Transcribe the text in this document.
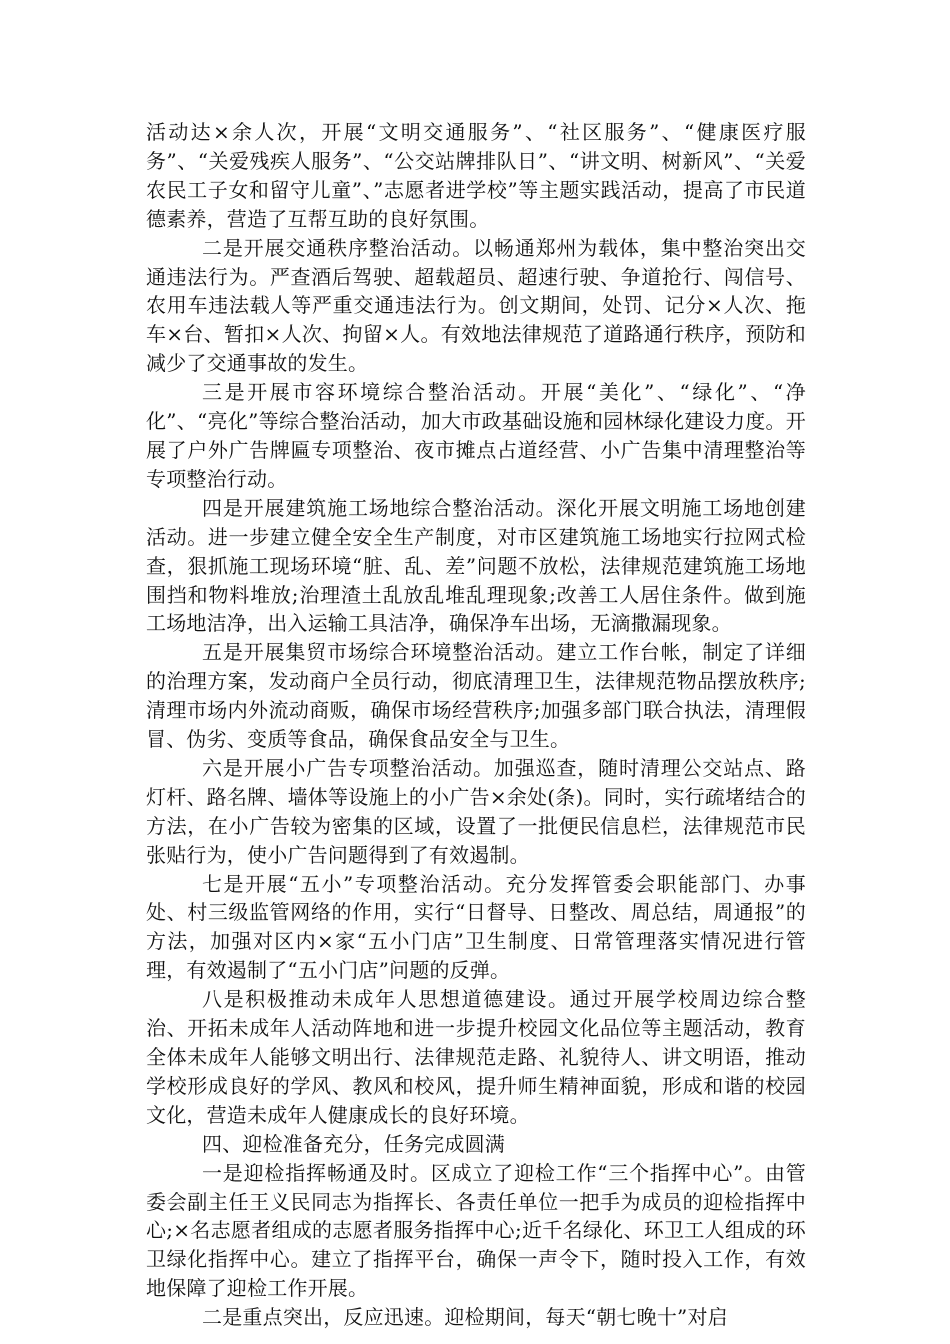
活动达×余人次，开展“文明交通服务”、“社区服务”、“健康医疗服务”、“关爱残疾人服务”、“公交站牌排队日”、“讲文明、树新风”、“关爱农民工子女和留守儿童”、”志愿者进学校”等主题实践活动，提高了市民道德素养，营造了互帮互助的良好氛围。

二是开展交通秩序整治活动。以畅通郑州为载体，集中整治突出交通违法行为。严查酒后驾驶、超载超员、超速行驶、争道抢行、闯信号、农用车违法载人等严重交通违法行为。创文期间，处罚、记分×人次、拖车×台、暂扣×人次、拘留×人。有效地法律规范了道路通行秩序，预防和减少了交通事故的发生。

三是开展市容环境综合整治活动。开展“美化”、“绿化”、“净化”、“亮化”等综合整治活动，加大市政基础设施和园林绿化建设力度。开展了户外广告牌匾专项整治、夜市摊点占道经营、小广告集中清理整治等专项整治行动。

四是开展建筑施工场地综合整治活动。深化开展文明施工场地创建活动。进一步建立健全安全生产制度，对市区建筑施工场地实行拉网式检查，狠抓施工现场环境“脏、乱、差”问题不放松，法律规范建筑施工场地围挡和物料堆放;治理渣土乱放乱堆乱理现象;改善工人居住条件。做到施工场地洁净，出入运输工具洁净，确保净车出场，无滴撒漏现象。

五是开展集贸市场综合环境整治活动。建立工作台帐，制定了详细的治理方案，发动商户全员行动，彻底清理卫生，法律规范物品摆放秩序;清理市场内外流动商贩，确保市场经营秩序;加强多部门联合执法，清理假冒、伪劣、变质等食品，确保食品安全与卫生。

六是开展小广告专项整治活动。加强巡查，随时清理公交站点、路灯杆、路名牌、墙体等设施上的小广告×余处(条)。同时，实行疏堵结合的方法，在小广告较为密集的区域，设置了一批便民信息栏，法律规范市民张贴行为，使小广告问题得到了有效遏制。

七是开展“五小”专项整治活动。充分发挥管委会职能部门、办事处、村三级监管网络的作用，实行“日督导、日整改、周总结，周通报”的方法，加强对区内×家“五小门店”卫生制度、日常管理落实情况进行管理，有效遏制了“五小门店”问题的反弹。

八是积极推动未成年人思想道德建设。通过开展学校周边综合整治、开拓未成年人活动阵地和进一步提升校园文化品位等主题活动，教育全体未成年人能够文明出行、法律规范走路、礼貌待人、讲文明语，推动学校形成良好的学风、教风和校风，提升师生精神面貌，形成和谐的校园文化，营造未成年人健康成长的良好环境。

四、迎检准备充分，任务完成圆满

一是迎检指挥畅通及时。区成立了迎检工作“三个指挥中心”。由管委会副主任王义民同志为指挥长、各责任单位一把手为成员的迎检指挥中心;×名志愿者组成的志愿者服务指挥中心;近千名绿化、环卫工人组成的环卫绿化指挥中心。建立了指挥平台，确保一声令下，随时投入工作，有效地保障了迎检工作开展。

二是重点突出，反应迅速。迎检期间，每天“朝七晚十”对启
